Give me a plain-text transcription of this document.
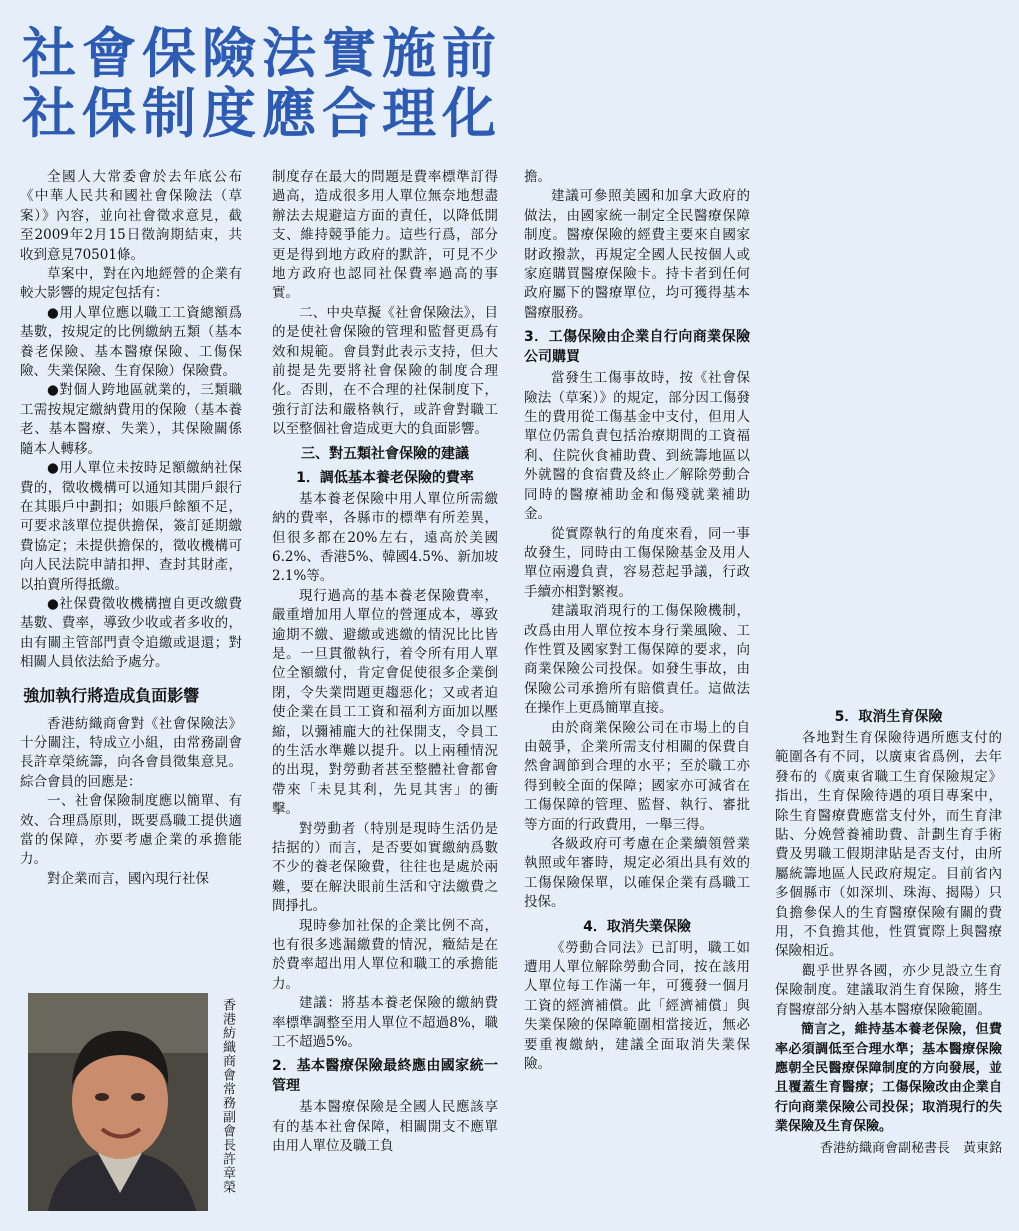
社會保險法實施前
社保制度應合理化

全國人大常委會於去年底公布《中華人民共和國社會保險法（草案）》內容，並向社會徵求意見，截至2009年2月15日徵詢期結束，共收到意見70501條。

草案中，對在內地經營的企業有較大影響的規定包括有：

●用人單位應以職工工資總額爲基數，按規定的比例繳納五類（基本養老保險、基本醫療保險、工傷保險、失業保險、生育保險）保險費。

●對個人跨地區就業的，三類職工需按規定繳納費用的保險（基本養老、基本醫療、失業），其保險關係隨本人轉移。

●用人單位未按時足額繳納社保費的，徵收機構可以通知其開戶銀行在其賬戶中劃扣；如賬戶餘額不足，可要求該單位提供擔保，簽訂延期繳費協定；未提供擔保的，徵收機構可向人民法院申請扣押、查封其財產，以拍賣所得抵繳。

●社保費徵收機構擅自更改繳費基數、費率，導致少收或者多收的，由有關主管部門責令追繳或退還；對相關人員依法給予處分。

強加執行將造成負面影響

香港紡織商會對《社會保險法》十分關注，特成立小組，由常務副會長許章榮統籌，向各會員徵集意見。綜合會員的回應是：

一、社會保險制度應以簡單、有效、合理爲原則，既要爲職工提供適當的保障，亦要考慮企業的承擔能力。

對企業而言，國內現行社保

制度存在最大的問題是費率標準訂得過高，造成很多用人單位無奈地想盡辦法去規避這方面的責任，以降低開支、維持競爭能力。這些行爲，部分更是得到地方政府的默許，可見不少地方政府也認同社保費率過高的事實。

二、中央草擬《社會保險法》，目的是使社會保險的管理和監督更爲有效和規範。會員對此表示支持，但大前提是先要將社會保險的制度合理化。否則，在不合理的社保制度下，強行訂法和嚴格執行，或許會對職工以至整個社會造成更大的負面影響。

三、對五類社會保險的建議
1．調低基本養老保險的費率

基本養老保險中用人單位所需繳納的費率，各縣市的標準有所差異，但很多都在20%左右，遠高於美國6.2%、香港5%、韓國4.5%、新加坡2.1%等。

現行過高的基本養老保險費率，嚴重增加用人單位的營運成本，導致逾期不繳、避繳或逃繳的情況比比皆是。一旦貫徹執行，着令所有用人單位全額繳付，肯定會促使很多企業倒閉，令失業問題更趨惡化；又或者迫使企業在員工工資和福利方面加以壓縮，以彌補龐大的社保開支，令員工的生活水準難以提升。以上兩種情況的出現，對勞動者甚至整體社會都會帶來「未見其利，先見其害」的衝擊。

對勞動者（特別是現時生活仍是拮据的）而言，是否要如實繳納爲數不少的養老保險費，往往也是處於兩難，要在解決眼前生活和守法繳費之間掙扎。

現時參加社保的企業比例不高，也有很多逃漏繳費的情況，癥結是在於費率超出用人單位和職工的承擔能力。

建議：將基本養老保險的繳納費率標準調整至用人單位不超過8%，職工不超過5%。

2．基本醫療保險最終應由國家統一管理

基本醫療保險是全國人民應該享有的基本社會保障，相關開支不應單由用人單位及職工負

擔。

建議可參照美國和加拿大政府的做法，由國家統一制定全民醫療保障制度。醫療保險的經費主要來自國家財政撥款，再規定全國人民按個人或家庭購買醫療保險卡。持卡者到任何政府屬下的醫療單位，均可獲得基本醫療服務。

3．工傷保險由企業自行向商業保險公司購買

當發生工傷事故時，按《社會保險法（草案）》的規定，部分因工傷發生的費用從工傷基金中支付，但用人單位仍需負責包括治療期間的工資福利、住院伙食補助費、到統籌地區以外就醫的食宿費及終止／解除勞動合同時的醫療補助金和傷殘就業補助金。

從實際執行的角度來看，同一事故發生，同時由工傷保險基金及用人單位兩邊負責，容易惹起爭議，行政手續亦相對繁複。

建議取消現行的工傷保險機制，改爲由用人單位按本身行業風險、工作性質及國家對工傷保障的要求，向商業保險公司投保。如發生事故，由保險公司承擔所有賠償責任。這做法在操作上更爲簡單直接。

由於商業保險公司在市場上的自由競爭，企業所需支付相關的保費自然會調節到合理的水平；至於職工亦得到較全面的保障；國家亦可減省在工傷保障的管理、監督、執行、審批等方面的行政費用，一舉三得。

各級政府可考慮在企業續領營業執照或年審時，規定必須出具有效的工傷保險保單，以確保企業有爲職工投保。

4．取消失業保險

《勞動合同法》已訂明，職工如遭用人單位解除勞動合同，按在該用人單位每工作滿一年，可獲發一個月工資的經濟補償。此「經濟補償」與失業保險的保障範圍相當接近，無必要重複繳納，建議全面取消失業保險。

5．取消生育保險

各地對生育保險待遇所應支付的範圍各有不同，以廣東省爲例，去年發布的《廣東省職工生育保險規定》指出，生育保險待遇的項目專案中，除生育醫療費應當支付外，而生育津貼、分娩營養補助費、計劃生育手術費及男職工假期津貼是否支付，由所屬統籌地區人民政府規定。目前省內多個縣市（如深圳、珠海、揭陽）只負擔參保人的生育醫療保險有關的費用，不負擔其他，性質實際上與醫療保險相近。

觀乎世界各國，亦少見設立生育保險制度。建議取消生育保險，將生育醫療部分納入基本醫療保險範圍。

簡言之，維持基本養老保險，但費率必須調低至合理水準；基本醫療保險應朝全民醫療保障制度的方向發展，並且覆蓋生育醫療；工傷保險改由企業自行向商業保險公司投保；取消現行的失業保險及生育保險。

香港紡織商會副秘書長　黃東銘

香港紡織商會常務副會長許章榮
